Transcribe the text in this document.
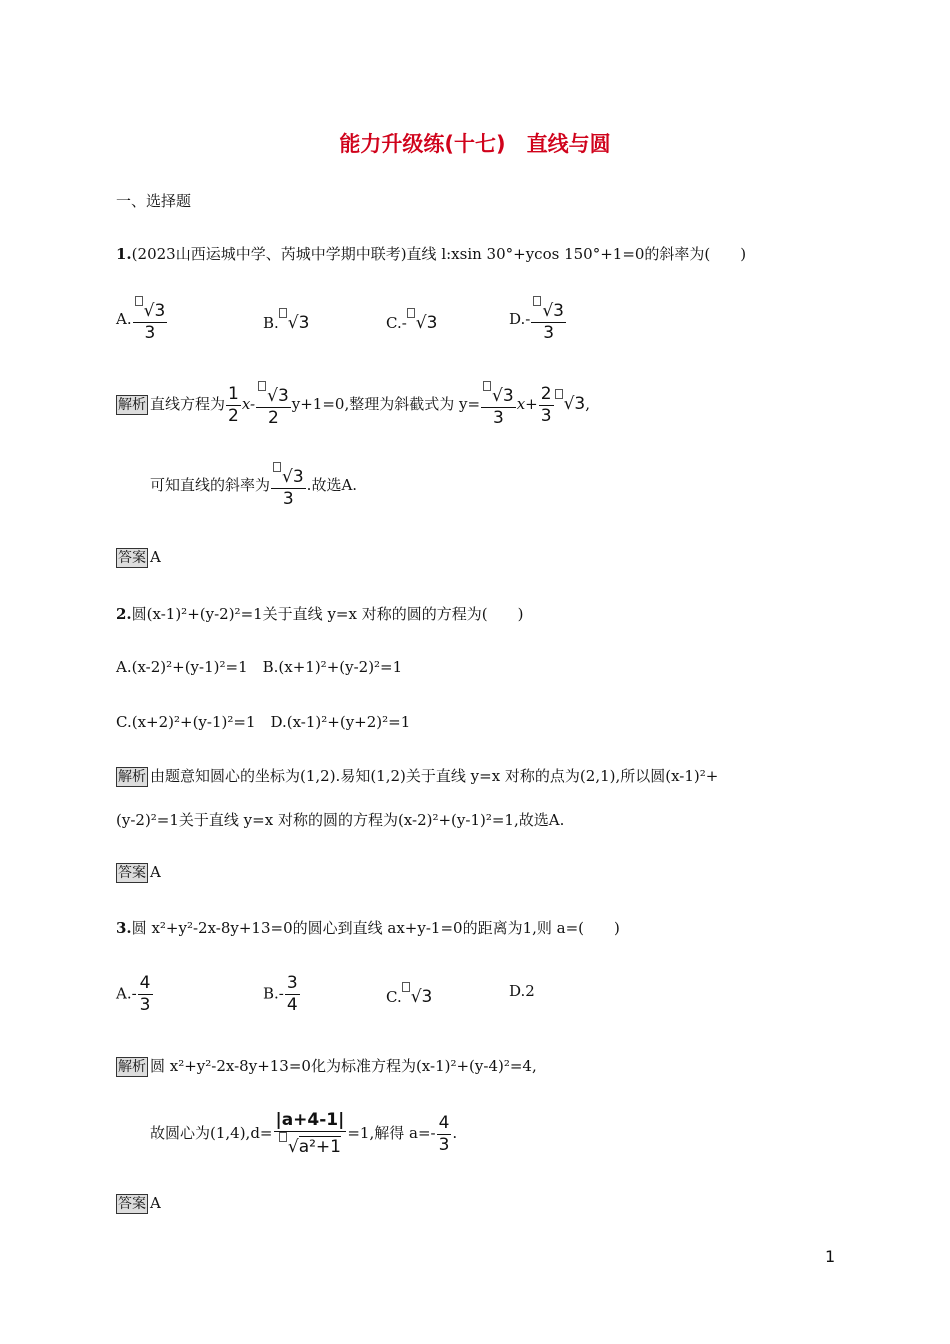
能力升级练(十七)　直线与圆
一、选择题
1.(2023山西运城中学、芮城中学期中联考)直线 l:xsin 30°+ycos 150°+1=0的斜率为(　　)
A. $\frac{√3}{3}$	B. √3	C.- √3	$D.- \frac{√3}{3}$
解析 直线方程为 $\frac{1}{2} x- \frac{√3}{2} y+1=0$,整理为斜截式为 $y= \frac{√3}{3} x+ \frac{2}{3} √3$,
可知直线的斜率为 $\frac{√3}{3}$ .故选A.
答案 A
2.圆(x-1)²+(y-2)²=1关于直线 y=x 对称的圆的方程为(　　)
A.(x-2)²+(y-1)²=1　B.(x+1)²+(y-2)²=1
C.(x+2)²+(y-1)²=1　D.(x-1)²+(y+2)²=1
解析 由题意知圆心的坐标为(1,2).易知(1,2)关于直线 y=x 对称的点为(2,1),所以圆(x-1)²+
(y-2)²=1关于直线 y=x 对称的圆的方程为(x-2)²+(y-1)²=1,故选A.
答案 A
3.圆 x²+y²-2x-8y+13=0的圆心到直线 ax+y-1=0的距离为1,则 a=(　　)
$A.- \frac{4}{3}$	$B.- \frac{3}{4}$	C. √3	D.2
解析 圆 x²+y²-2x-8y+13=0化为标准方程为(x-1)²+(y-4)²=4,
故圆心为$(1,4),d= \frac{|a+4-1|}{\text{√a²+1}} =1$,解得 $a=- \frac{4}{3}$ .
答案 A
1
